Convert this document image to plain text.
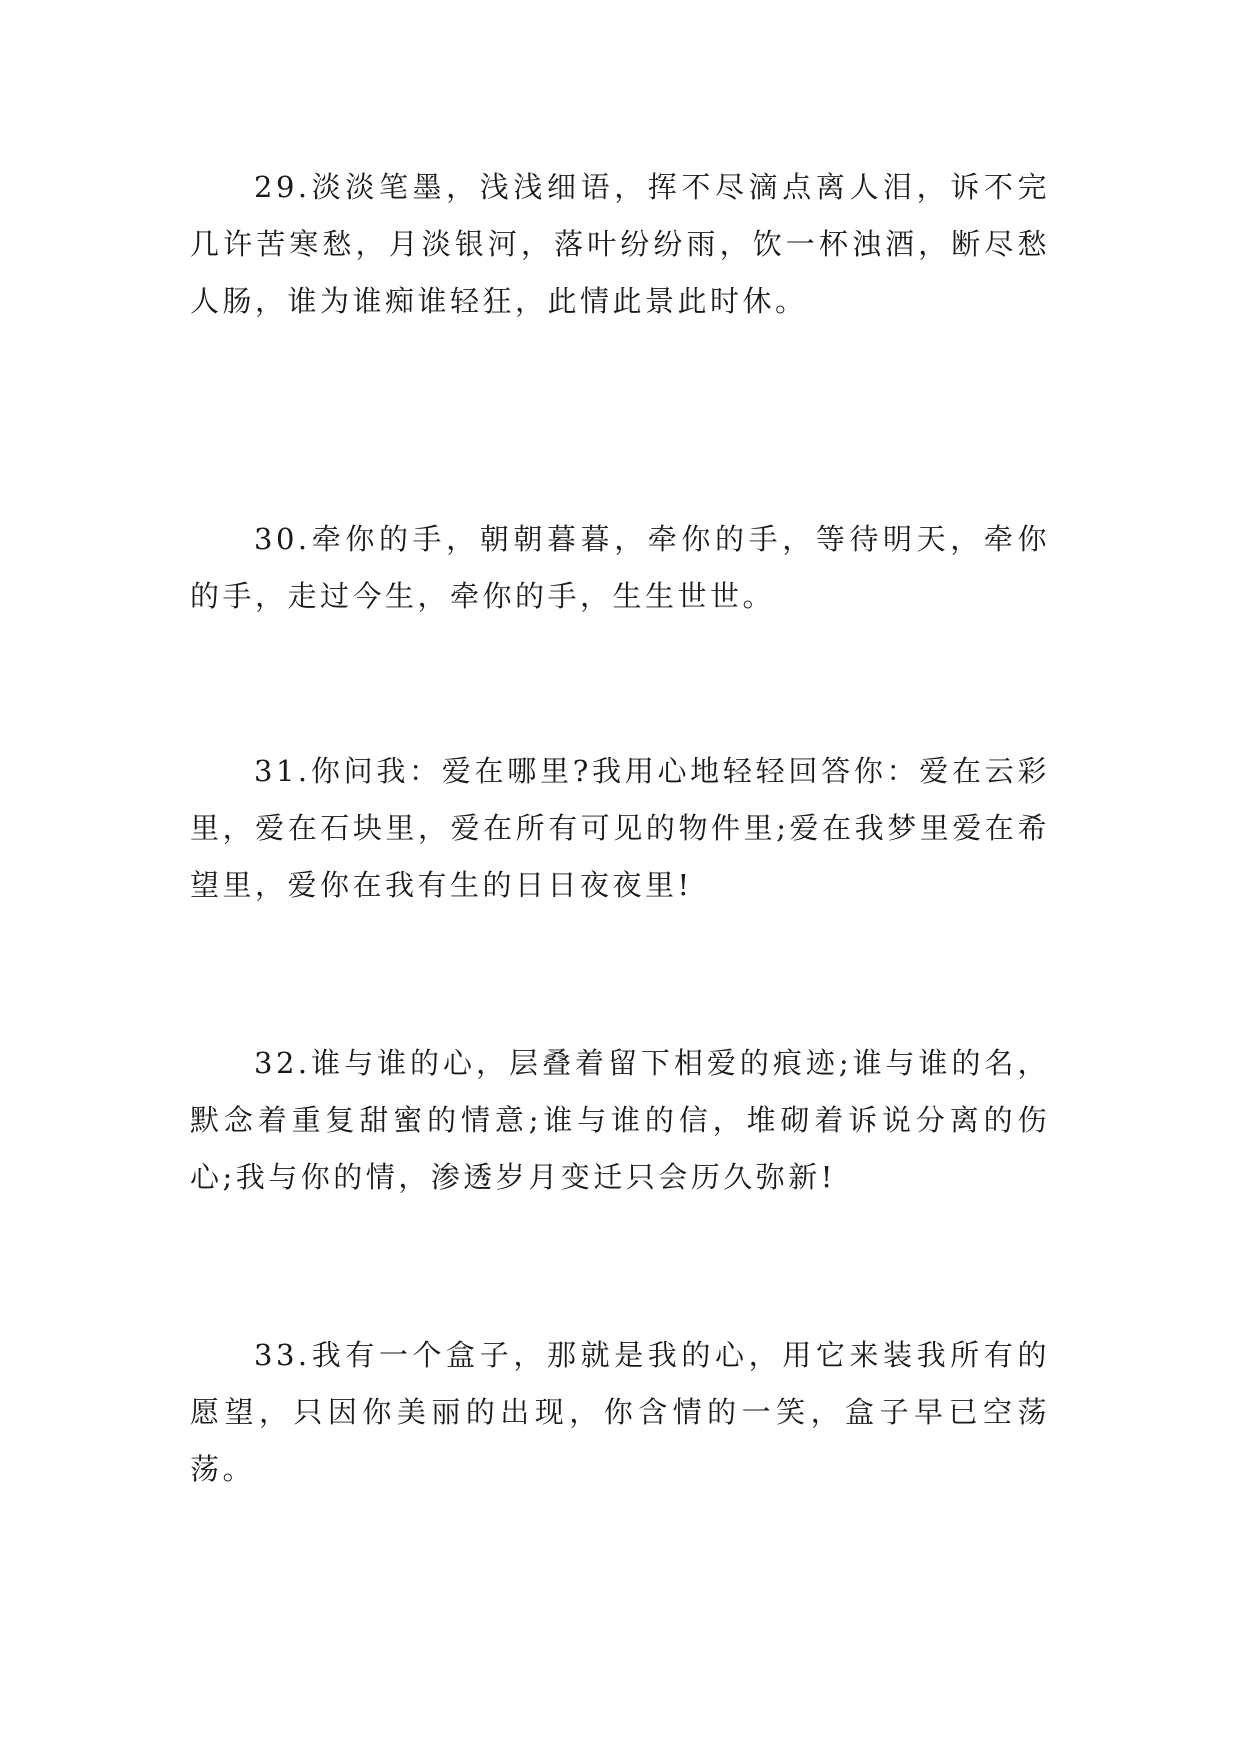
29.淡淡笔墨，浅浅细语，挥不尽滴点离人泪，诉不完几许苦寒愁，月淡银河，落叶纷纷雨，饮一杯浊酒，断尽愁人肠，谁为谁痴谁轻狂，此情此景此时休。

30.牵你的手，朝朝暮暮，牵你的手，等待明天，牵你的手，走过今生，牵你的手，生生世世。

31.你问我：爱在哪里?我用心地轻轻回答你：爱在云彩里，爱在石块里，爱在所有可见的物件里;爱在我梦里爱在希望里，爱你在我有生的日日夜夜里!

32.谁与谁的心，层叠着留下相爱的痕迹;谁与谁的名，默念着重复甜蜜的情意;谁与谁的信，堆砌着诉说分离的伤心;我与你的情，渗透岁月变迁只会历久弥新!

33.我有一个盒子，那就是我的心，用它来装我所有的愿望，只因你美丽的出现，你含情的一笑，盒子早已空荡荡。
